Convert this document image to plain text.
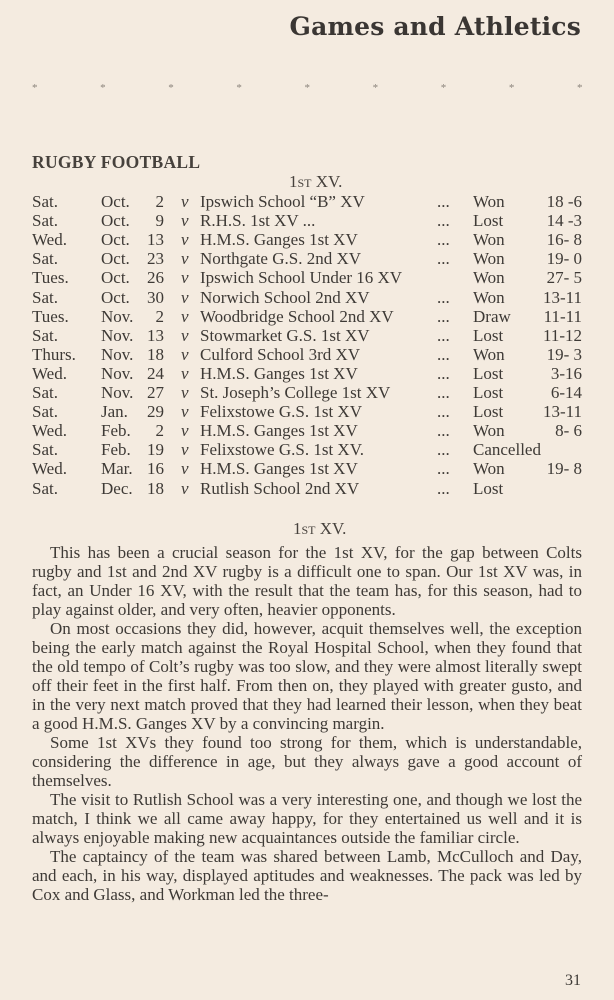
Games and Athletics
*	*	*	*	*	*	*	*	*
RUGBY FOOTBALL
1st XV.
Sat.	Oct.	2 v Ipswich School “B” XV	... Won	18 -6
Sat.	Oct.	9 v R.H.S. 1st XV ...	... Lost	14 -3
Wed. Oct.	13 v H.M.S. Ganges 1st XV	... Won	16- 8
Sat.	Oct.	23 v Northgate G.S. 2nd XV	... Won	19- 0
Tues. Oct.	26 v Ipswich School Under 16 XV	Won	27- 5
Sat.	Oct.	30 v Norwich School 2nd XV	... Won 13-11
Tues. Nov.	2 v Woodbridge School 2nd XV	... Draw	11-11
Sat.	Nov. 13 v Stowmarket G.S. 1st XV	... Lost 11-12
Thurs. Nov. 18 v Culford School 3rd XV	... Won	19- 3
Wed. Nov. 24 v H.M.S. Ganges 1st XV	... Lost	3-16
Sat.	Nov. 27 v St. Joseph’s College 1st XV	... Lost	6-14
Sat.	Jan.	29 v Felixstowe G.S. 1st XV	... Lost 13-11
Wed. Feb.	2 v H.M.S. Ganges 1st XV	... Won	8- 6
Sat.	Feb. 19 v Felixstowe G.S. 1st XV.	... Cancelled
Wed. Mar. 16 v H.M.S. Ganges 1st XV	... Won	19- 8
Sat.	Dec. 18 v Rutlish School 2nd XV	... Lost
1st XV.

This has been a crucial season for the 1st XV, for the gap between Colts rugby and 1st and 2nd XV rugby is a difficult one to span. Our 1st XV was, in fact, an Under 16 XV, with the result that the team has, for this season, had to play against older, and very often, heavier opponents.

On most occasions they did, however, acquit themselves well, the exception being the early match against the Royal Hospital School, when they found that the old tempo of Colt’s rugby was too slow, and they were almost literally swept off their feet in the first half. From then on, they played with greater gusto, and in the very next match proved that they had learned their lesson, when they beat a good H.M.S. Ganges XV by a convincing margin.

Some 1st XVs they found too strong for them, which is understandable, considering the difference in age, but they always gave a good account of themselves.

The visit to Rutlish School was a very interesting one, and though we lost the match, I think we all came away happy, for they entertained us well and it is always enjoyable making new acquaintances outside the familiar circle.

The captaincy of the team was shared between Lamb, McCulloch and Day, and each, in his way, displayed aptitudes and weaknesses. The pack was led by Cox and Glass, and Workman led the three-

31
